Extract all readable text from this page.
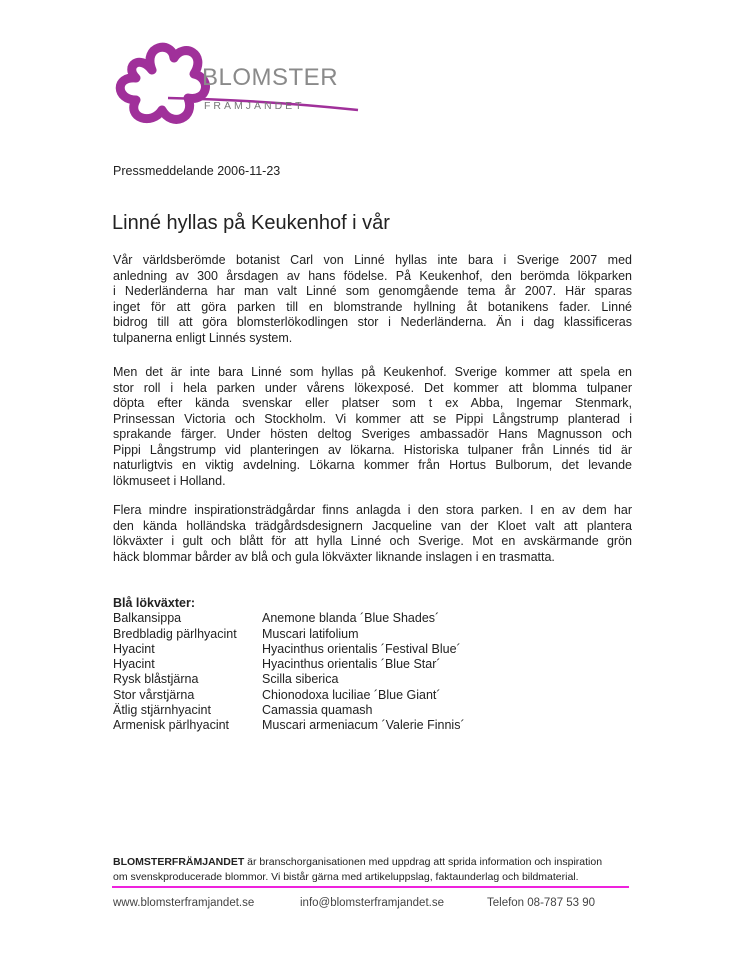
BLOMSTER
FRÄMJANDET
Pressmeddelande 2006-11-23
Linné hyllas på Keukenhof i vår
Vår världsberömde botanist Carl von Linné hyllas inte bara i Sverige 2007 med
anledning av 300 årsdagen av hans födelse. På Keukenhof, den berömda lökparken
i Nederländerna har man valt Linné som genomgående tema år 2007. Här sparas
inget för att göra parken till en blomstrande hyllning åt botanikens fader. Linné
bidrog till att göra blomsterlökodlingen stor i Nederländerna. Än i dag klassificeras
tulpanerna enligt Linnés system.
Men det är inte bara Linné som hyllas på Keukenhof. Sverige kommer att spela en
stor roll i hela parken under vårens lökexposé. Det kommer att blomma tulpaner
döpta efter kända svenskar eller platser som t ex Abba, Ingemar Stenmark,
Prinsessan Victoria och Stockholm. Vi kommer att se Pippi Långstrump planterad i
sprakande färger. Under hösten deltog Sveriges ambassadör Hans Magnusson och
Pippi Långstrump vid planteringen av lökarna. Historiska tulpaner från Linnés tid är
naturligtvis en viktig avdelning. Lökarna kommer från Hortus Bulborum, det levande
lökmuseet i Holland.
Flera mindre inspirationsträdgårdar finns anlagda i den stora parken. I en av dem har
den kända holländska trädgårdsdesignern Jacqueline van der Kloet valt att plantera
lökväxter i gult och blått för att hylla Linné och Sverige. Mot en avskärmande grön
häck blommar bårder av blå och gula lökväxter liknande inslagen i en trasmatta.
Blå lökväxter:
Balkansippa	Anemone blanda ´Blue Shades´
Bredbladig pärlhyacint	Muscari latifolium
Hyacint	Hyacinthus orientalis ´Festival Blue´
Hyacint	Hyacinthus orientalis ´Blue Star´
Rysk blåstjärna	Scilla siberica
Stor vårstjärna	Chionodoxa luciliae ´Blue Giant´
Ätlig stjärnhyacint	Camassia quamash
Armenisk pärlhyacint	Muscari armeniacum ´Valerie Finnis´
BLOMSTERFRÄMJANDET är branschorganisationen med uppdrag att sprida information och inspiration
om svenskproducerade blommor. Vi bistår gärna med artikeluppslag, faktaunderlag och bildmaterial.
www.blomsterframjandet.se	info@blomsterframjandet.se	Telefon 08-787 53 90
